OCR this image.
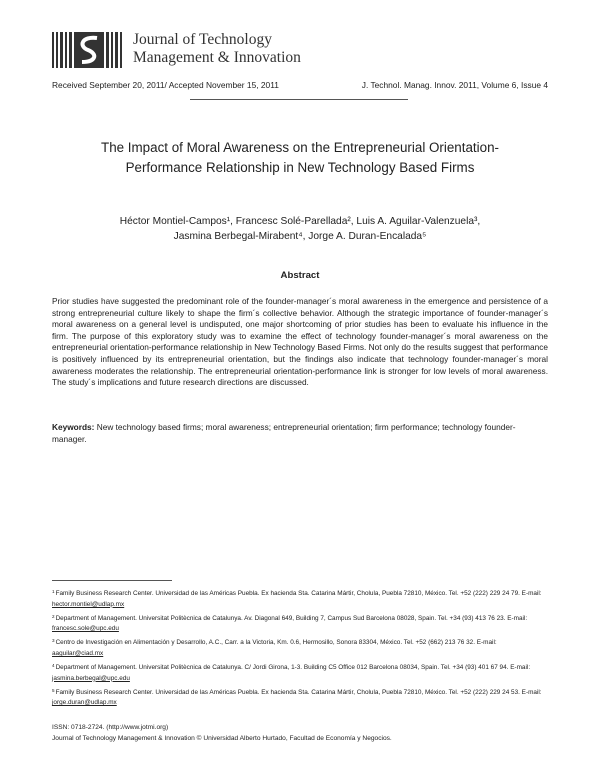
Journal of Technology
Management & Innovation
Received September 20, 2011/ Accepted November 15, 2011	J. Technol. Manag. Innov. 2011, Volume 6, Issue 4
The Impact of Moral Awareness on the Entrepreneurial Orientation-
Performance Relationship in New Technology Based Firms
Héctor Montiel-Campos¹, Francesc Solé-Parellada², Luis A. Aguilar-Valenzuela³,
Jasmina Berbegal-Mirabent⁴, Jorge A. Duran-Encalada⁵
Abstract
Prior studies have suggested the predominant role of the founder-manager´s moral awareness in the emergence and persistence of a strong entrepreneurial culture likely to shape the firm´s collective behavior. Although the strategic importance of founder-manager´s moral awareness on a general level is undisputed, one major shortcoming of prior studies has been to evaluate his influence in the firm. The purpose of this exploratory study was to examine the effect of technology founder-manager´s moral awareness on the entrepreneurial orientation-performance relationship in New Technology Based Firms. Not only do the results suggest that performance is positively influenced by its entrepreneurial orientation, but the findings also indicate that technology founder-manager´s moral awareness moderates the relationship. The entrepreneurial orientation-performance link is stronger for low levels of moral awareness. The study´s implications and future research directions are discussed.
Keywords: New technology based firms; moral awareness; entrepreneurial orientation; firm performance; technology founder-manager.
$^1$Family Business Research Center. Universidad de las Américas Puebla. Ex hacienda Sta. Catarina Mártir, Cholula, Puebla 72810, México. Tel. +52 (222) 229 24 79. E-mail: hector.montiel@udlap.mx
$^2$Department of Management. Universitat Politècnica de Catalunya. Av. Diagonal 649, Building 7, Campus Sud Barcelona 08028, Spain. Tel. +34 (93) 413 76 23. E-mail: francesc.sole@upc.edu
$^3$Centro de Investigación en Alimentación y Desarrollo, A.C., Carr. a la Victoria, Km. 0.6, Hermosillo, Sonora 83304, México. Tel. +52 (662) 213 76 32. E-mail: aaguilar@ciad.mx
$^4$Department of Management. Universitat Politècnica de Catalunya. C/ Jordi Girona, 1-3. Building C5 Office 012 Barcelona 08034, Spain. Tel. +34 (93) 401 67 94. E-mail: jasmina.berbegal@upc.edu
$^5$Family Business Research Center. Universidad de las Américas Puebla. Ex hacienda Sta. Catarina Mártir, Cholula, Puebla 72810, México. Tel. +52 (222) 229 24 53. E-mail: jorge.duran@udlap.mx
ISSN: 0718-2724. (http://www.jotmi.org)
Journal of Technology Management & Innovation © Universidad Alberto Hurtado, Facultad de Economía y Negocios.
